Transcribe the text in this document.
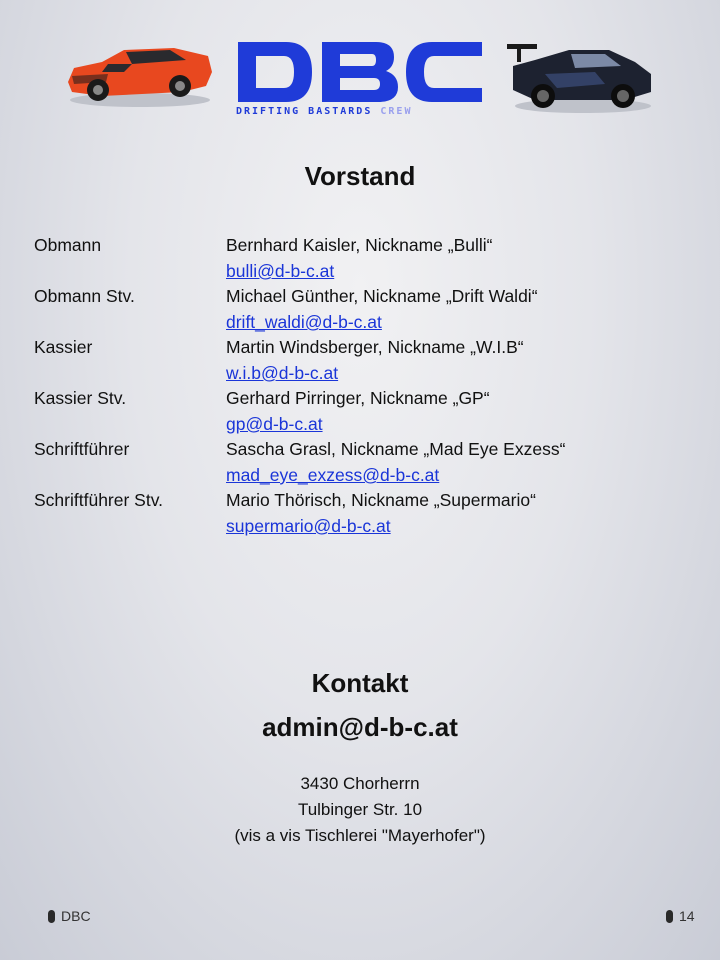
DRIFTING BASTARDS CREW
Vorstand
Obmann	Bernhard Kaisler, Nickname „Bulli“
bulli@d-b-c.at
Obmann Stv.	Michael Günther, Nickname „Drift Waldi“
drift_waldi@d-b-c.at
Kassier	Martin Windsberger, Nickname „W.I.B“
w.i.b@d-b-c.at
Kassier Stv.	Gerhard Pirringer, Nickname „GP“
gp@d-b-c.at
Schriftführer	Sascha Grasl, Nickname „Mad Eye Exzess“
mad_eye_exzess@d-b-c.at
Schriftführer Stv.	Mario Thörisch, Nickname „Supermario“
supermario@d-b-c.at
Kontakt
admin@d-b-c.at
3430 Chorherrn
Tulbinger Str. 10
(vis a vis Tischlerei "Mayerhofer")
DBC	14
